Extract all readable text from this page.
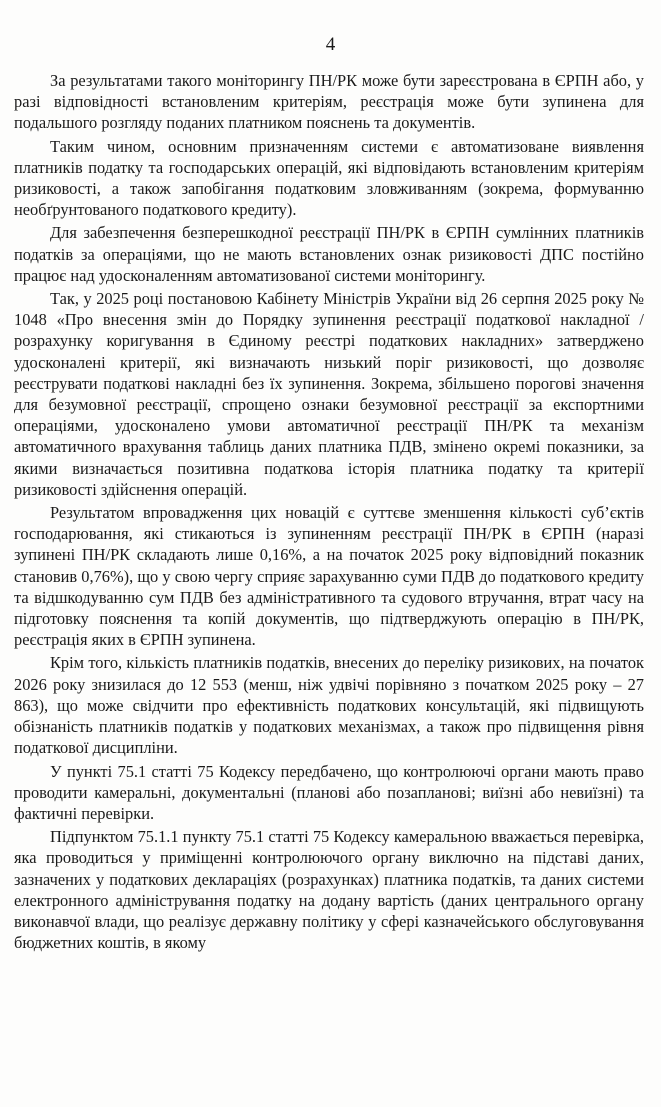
4

За результатами такого моніторингу ПН/РК може бути зареєстрована в ЄРПН або, у разі відповідності встановленим критеріям, реєстрація може бути зупинена для подальшого розгляду поданих платником пояснень та документів.

Таким чином, основним призначенням системи є автоматизоване виявлення платників податку та господарських операцій, які відповідають встановленим критеріям ризиковості, а також запобігання податковим зловживанням (зокрема, формуванню необґрунтованого податкового кредиту).

Для забезпечення безперешкодної реєстрації ПН/РК в ЄРПН сумлінних платників податків за операціями, що не мають встановлених ознак ризиковості ДПС постійно працює над удосконаленням автоматизованої системи моніторингу.

Так, у 2025 році постановою Кабінету Міністрів України від 26 серпня 2025 року № 1048 «Про внесення змін до Порядку зупинення реєстрації податкової накладної / розрахунку коригування в Єдиному реєстрі податкових накладних» затверджено удосконалені критерії, які визначають низький поріг ризиковості, що дозволяє реєструвати податкові накладні без їх зупинення. Зокрема, збільшено порогові значення для безумовної реєстрації, спрощено ознаки безумовної реєстрації за експортними операціями, удосконалено умови автоматичної реєстрації ПН/РК та механізм автоматичного врахування таблиць даних платника ПДВ, змінено окремі показники, за якими визначається позитивна податкова історія платника податку та критерії ризиковості здійснення операцій.

Результатом впровадження цих новацій є суттєве зменшення кількості суб’єктів господарювання, які стикаються із зупиненням реєстрації ПН/РК в ЄРПН (наразі зупинені ПН/РК складають лише 0,16%, а на початок 2025 року відповідний показник становив 0,76%), що у свою чергу сприяє зарахуванню суми ПДВ до податкового кредиту та відшкодуванню сум ПДВ без адміністративного та судового втручання, втрат часу на підготовку пояснення та копій документів, що підтверджують операцію в ПН/РК, реєстрація яких в ЄРПН зупинена.

Крім того, кількість платників податків, внесених до переліку ризикових, на початок 2026 року знизилася до 12 553 (менш, ніж удвічі порівняно з початком 2025 року – 27 863), що може свідчити про ефективність податкових консультацій, які підвищують обізнаність платників податків у податкових механізмах, а також про підвищення рівня податкової дисципліни.

У пункті 75.1 статті 75 Кодексу передбачено, що контролюючі органи мають право проводити камеральні, документальні (планові або позапланові; виїзні або невиїзні) та фактичні перевірки.

Підпунктом 75.1.1 пункту 75.1 статті 75 Кодексу камеральною вважається перевірка, яка проводиться у приміщенні контролюючого органу виключно на підставі даних, зазначених у податкових деклараціях (розрахунках) платника податків, та даних системи електронного адміністрування податку на додану вартість (даних центрального органу виконавчої влади, що реалізує державну політику у сфері казначейського обслуговування бюджетних коштів, в якому
